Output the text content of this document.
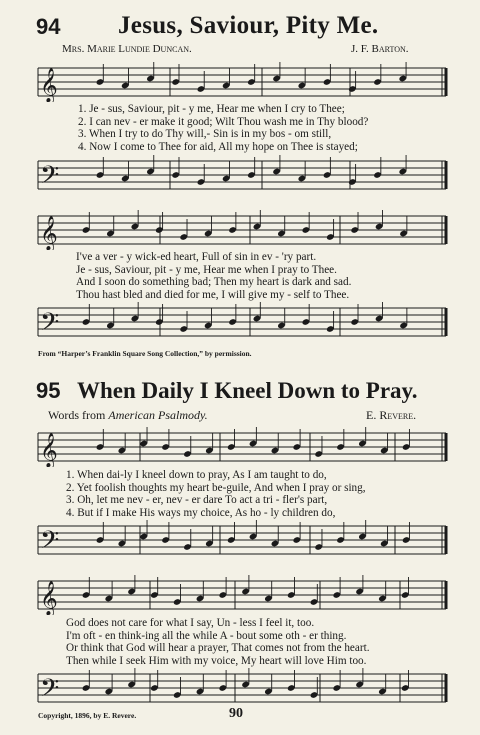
94 Jesus, Saviour, Pity Me.
Mrs. Marie Lundie Duncan.	J. F. Barton.
𝄞
1. Je - sus, Saviour, pit - y me, Hear me when I cry to Thee;
2. I can nev - er make it good; Wilt Thou wash me in Thy blood?
3. When I try to do Thy will,- Sin is in my bos - om still,
4. Now I come to Thee for aid, All my hope on Thee is stayed;
𝄢
𝄞
I've a ver - y wick-ed heart, Full of sin in ev - 'ry part.
Je - sus, Saviour, pit - y me, Hear me when I pray to Thee.
And I soon do something bad; Then my heart is dark and sad.
Thou hast bled and died for me, I will give my - self to Thee.
𝄢
From “Harper’s Franklin Square Song Collection,” by permission.
95 When Daily I Kneel Down to Pray.
Words from American Psalmody.	E. Revere.
𝄞
1. When dai-ly I kneel down to pray, As I am taught to do,
2. Yet foolish thoughts my heart be-guile, And when I pray or sing,
3. Oh, let me nev - er, nev - er dare To act a tri - fler's part,
4. But if I make His ways my choice, As ho - ly children do,
𝄢
𝄞
God does not care for what I say, Un - less I feel it, too.
I'm oft - en think-ing all the while A - bout some oth - er thing.
Or think that God will hear a prayer, That comes not from the heart.
Then while I seek Him with my voice, My heart will love Him too.
𝄢
Copyright, 1896, by E. Revere.	90
